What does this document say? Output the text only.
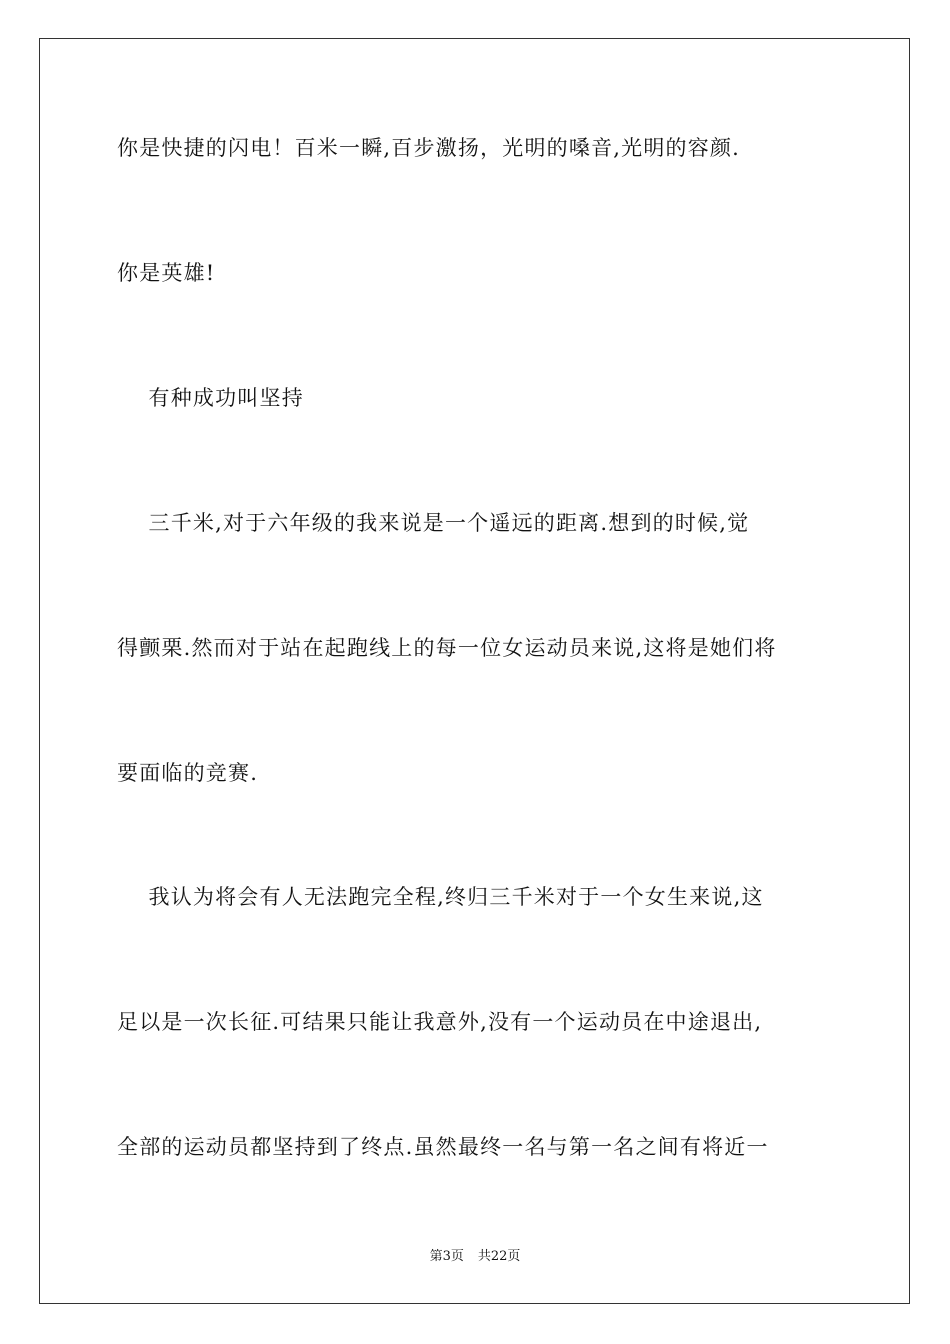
你是快捷的闪电！百米一瞬,百步激扬，光明的嗓音,光明的容颜.
你是英雄!
有种成功叫坚持
三千米,对于六年级的我来说是一个遥远的距离.想到的时候,觉
得颤栗.然而对于站在起跑线上的每一位女运动员来说,这将是她们将
要面临的竞赛.
我认为将会有人无法跑完全程,终归三千米对于一个女生来说,这
足以是一次长征.可结果只能让我意外,没有一个运动员在中途退出,
全部的运动员都坚持到了终点.虽然最终一名与第一名之间有将近一
第3页 共22页
